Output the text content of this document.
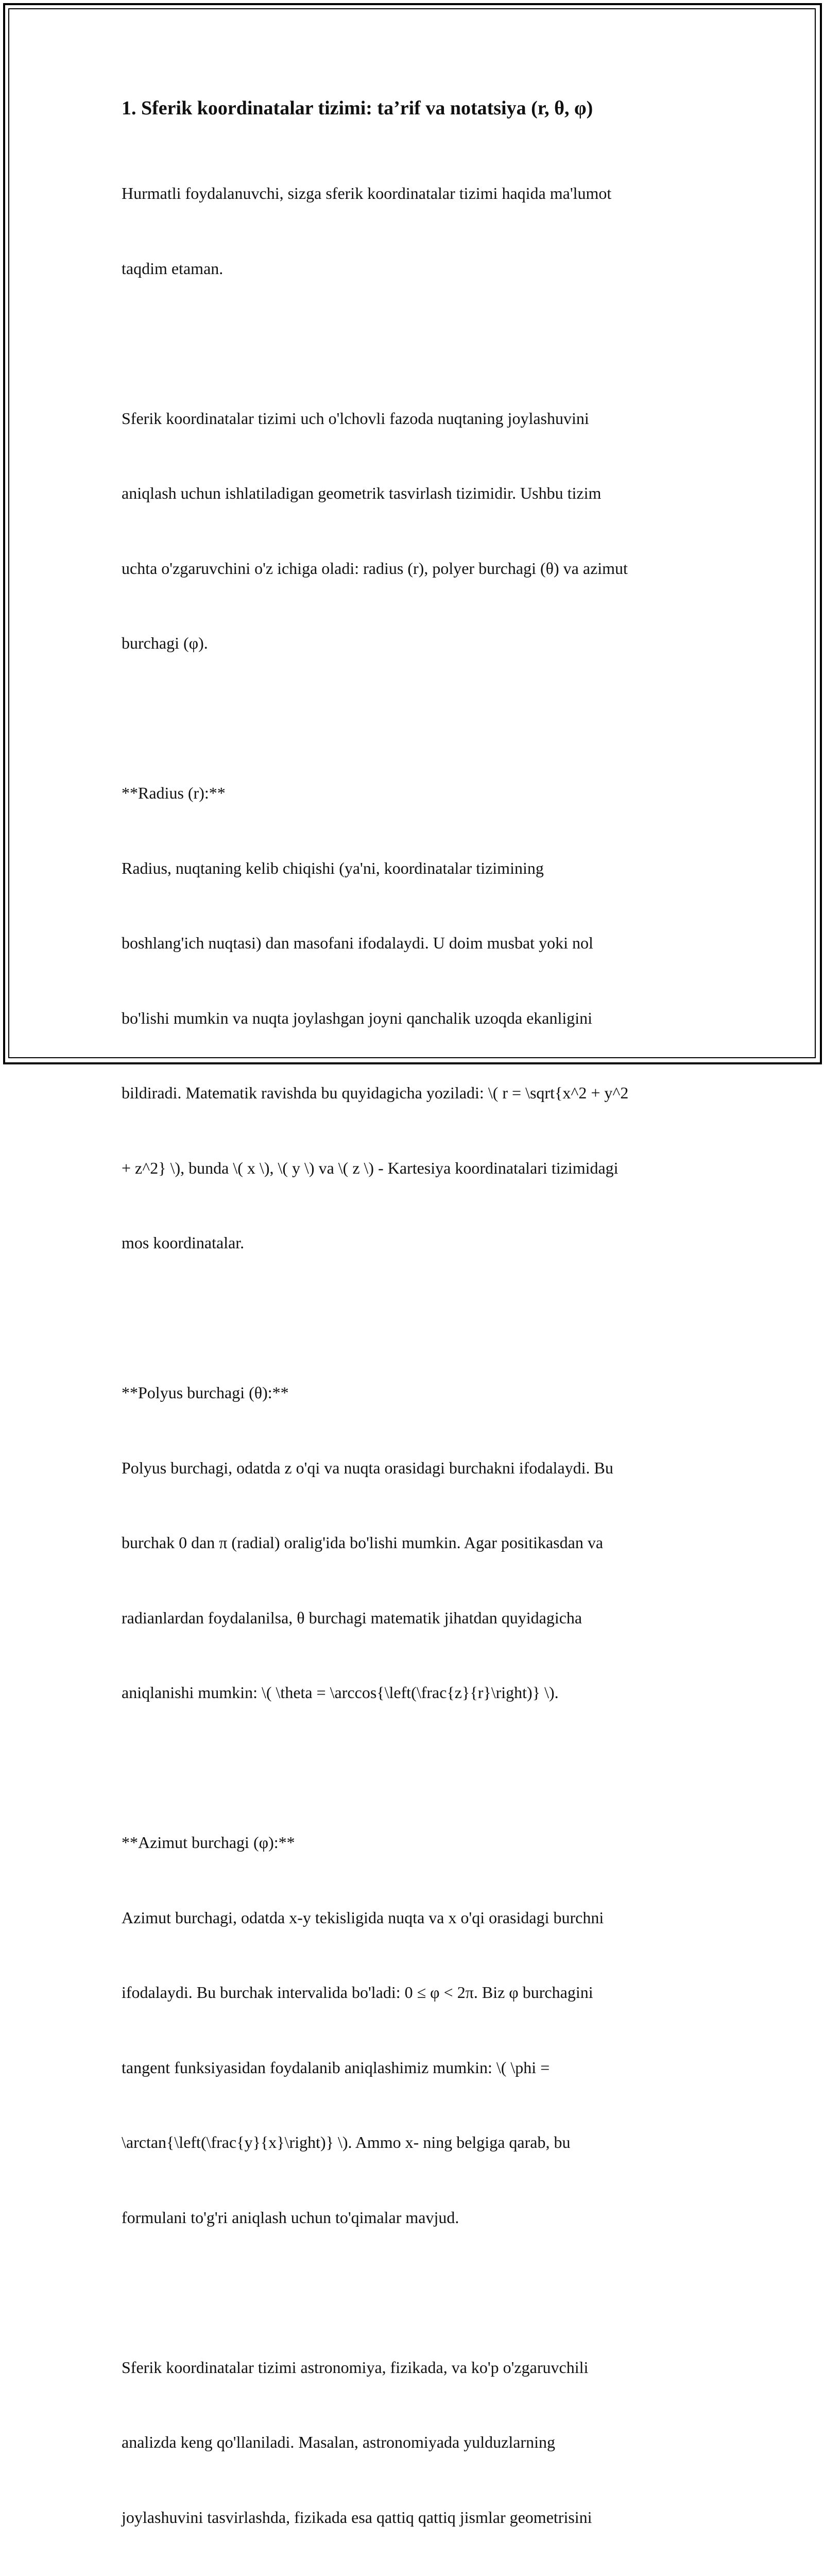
1. Sferik koordinatalar tizimi: ta’rif va notatsiya (r, θ, φ)

Hurmatli foydalanuvchi, sizga sferik koordinatalar tizimi haqida ma'lumot

taqdim etaman.

Sferik koordinatalar tizimi uch o'lchovli fazoda nuqtaning joylashuvini

aniqlash uchun ishlatiladigan geometrik tasvirlash tizimidir. Ushbu tizim

uchta o'zgaruvchini o'z ichiga oladi: radius (r), polyer burchagi (θ) va azimut

burchagi (φ).

**Radius (r):**

Radius, nuqtaning kelib chiqishi (ya'ni, koordinatalar tizimining

boshlang'ich nuqtasi) dan masofani ifodalaydi. U doim musbat yoki nol

bo'lishi mumkin va nuqta joylashgan joyni qanchalik uzoqda ekanligini

bildiradi. Matematik ravishda bu quyidagicha yoziladi: \( r = \sqrt{x^2 + y^2

+ z^2} \), bunda \( x \), \( y \) va \( z \) - Kartesiya koordinatalari tizimidagi

mos koordinatalar.

**Polyus burchagi (θ):**

Polyus burchagi, odatda z o'qi va nuqta orasidagi burchakni ifodalaydi. Bu

burchak 0 dan π (radial) oralig'ida bo'lishi mumkin. Agar positikasdan va

radianlardan foydalanilsa, θ burchagi matematik jihatdan quyidagicha

aniqlanishi mumkin: \( \theta = \arccos{\left(\frac{z}{r}\right)} \).

**Azimut burchagi (φ):**

Azimut burchagi, odatda x-y tekisligida nuqta va x o'qi orasidagi burchni

ifodalaydi. Bu burchak intervalida bo'ladi: 0 ≤ φ < 2π. Biz φ burchagini

tangent funksiyasidan foydalanib aniqlashimiz mumkin: \( \phi =

\arctan{\left(\frac{y}{x}\right)} \). Ammo x- ning belgiga qarab, bu

formulani to'g'ri aniqlash uchun to'qimalar mavjud.

Sferik koordinatalar tizimi astronomiya, fizikada, va ko'p o'zgaruvchili

analizda keng qo'llaniladi. Masalan, astronomiyada yulduzlarning

joylashuvini tasvirlashda, fizikada esa qattiq qattiq jismlar geometrisini
